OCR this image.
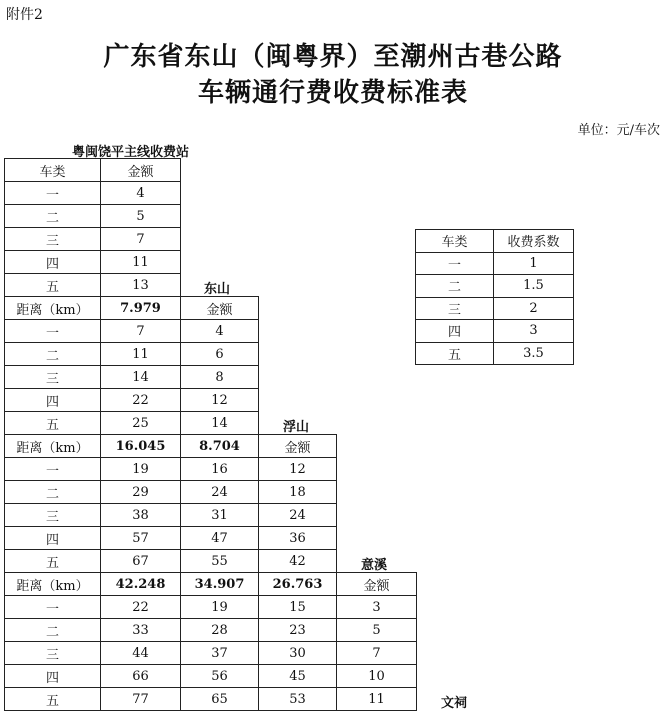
附件2
广东省东山（闽粤界）至潮州古巷公路
车辆通行费收费标准表
单位：元/车次
车类	金额
一	4
二	5
三	7
四	11
五	13
距离（km）	7.979	金额
一	7	4
二	11	6
三	14	8
四	22	12
五	25	14
距离（km）	16.045	8.704	金额
一	19	16	12
二	29	24	18
三	38	31	24
四	57	47	36
五	67	55	42
距离（km）	42.248	34.907	26.763	金额
一	22	19	15	3
二	33	28	23	5
三	44	37	30	7
四	66	56	45	10
五	77	65	53	11
车类	收费系数
一	1
二	1.5
三	2
四	3
五	3.5
粤闽饶平主线收费站
东山
浮山
意溪
文祠
